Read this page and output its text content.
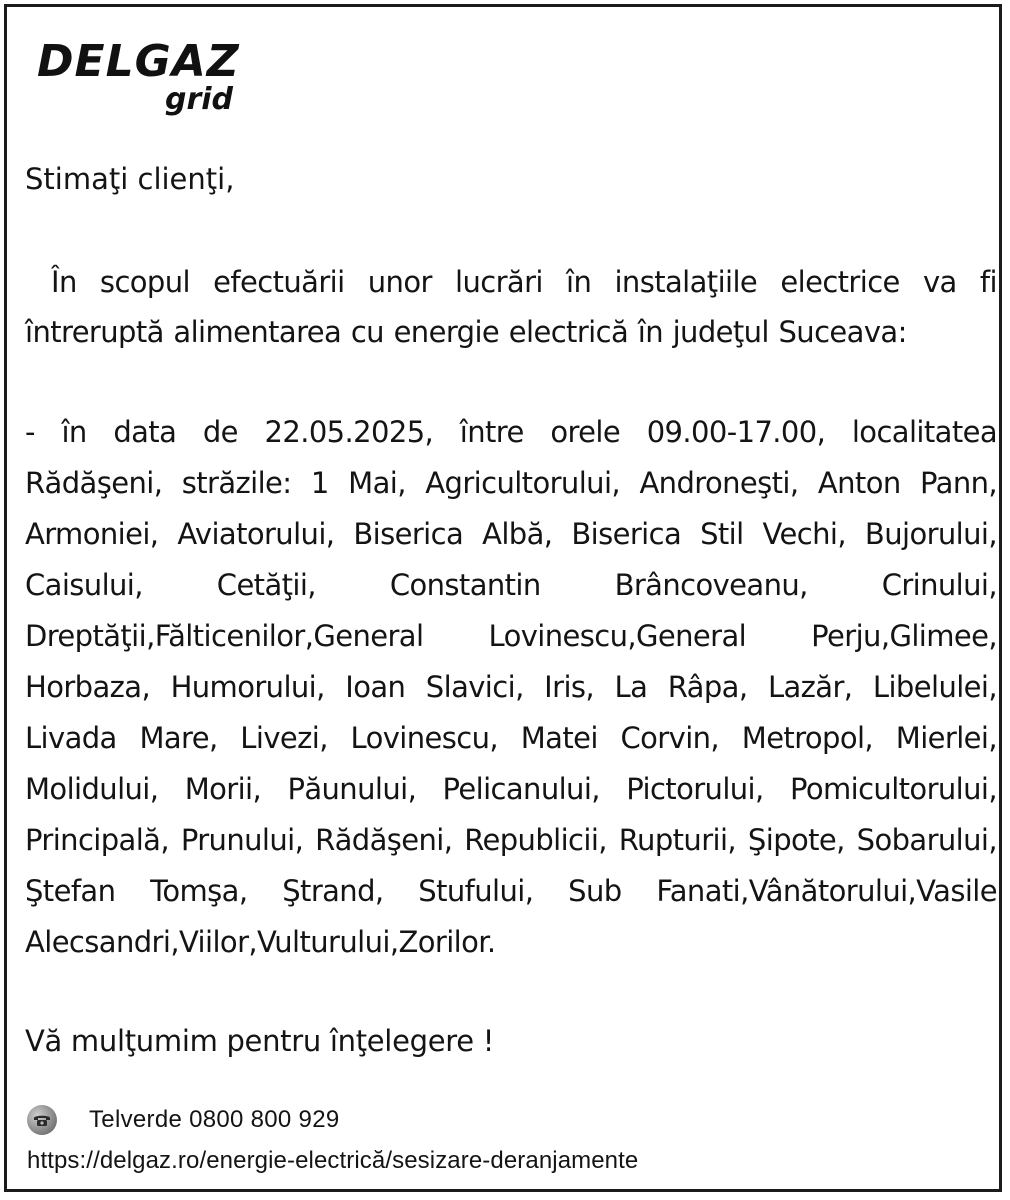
DELGAZ
grid

Stimaţi clienţi,

În scopul efectuării unor lucrări în instalaţiile electrice va fi întreruptă alimentarea cu energie electrică în judeţul Suceava:

- în data de 22.05.2025, între orele 09.00-17.00, localitatea Rădăşeni, străzile: 1 Mai, Agricultorului, Androneşti, Anton Pann, Armoniei, Aviatorului, Biserica Albă, Biserica Stil Vechi, Bujorului, Caisului, Cetăţii, Constantin Brâncoveanu, Crinului, Dreptăţii,Fălticenilor,General Lovinescu,General Perju,Glimee, Horbaza, Humorului, Ioan Slavici, Iris, La Râpa, Lazăr, Libelulei, Livada Mare, Livezi, Lovinescu, Matei Corvin, Metropol, Mierlei, Molidului, Morii, Păunului, Pelicanului, Pictorului, Pomicultorului, Principală, Prunului, Rădăşeni, Republicii, Rupturii, Şipote, Sobarului, Ştefan Tomşa, Ştrand, Stufului, Sub Fanati,Vânătorului,Vasile Alecsandri,Viilor,Vulturului,Zorilor.

Vă mulţumim pentru înţelegere !

Telverde 0800 800 929
https://delgaz.ro/energie-electrică/sesizare-deranjamente
